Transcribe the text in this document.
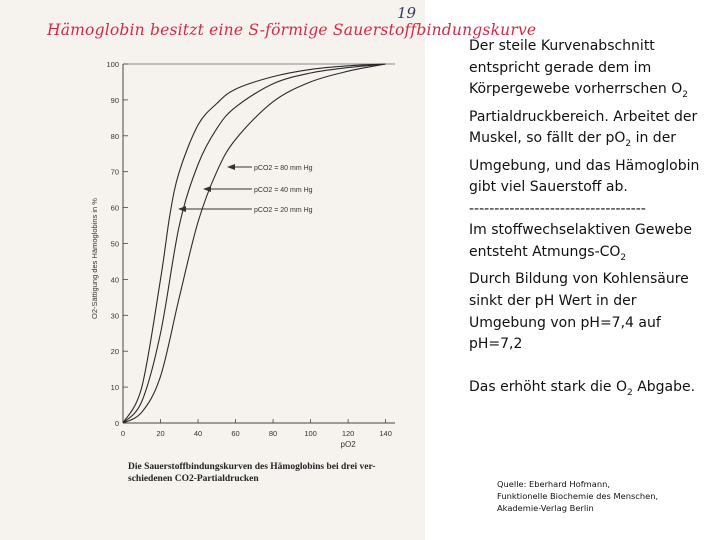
0
10
20
30
40
50
60
70
80
90
100
0	20	40	60	80	100	120	140
pO2
O2-Sättigung des Hämoglobins in %
pCO2 = 80 mm Hg
pCO2 = 40 mm Hg
pCO2 = 20 mm Hg
Hämoglobin besitzt eine S-förmige Sauerstoffbindungskurve
19
Die Sauerstoffbindungskurven des Hämoglobins bei drei ver-
schiedenen CO2-Partialdrucken

Der steile Kurvenabschnitt entspricht gerade dem im Körpergewebe vorherrschen $O_2$ Partialdruckbereich. Arbeitet der Muskel, so fällt der $pO_2$ in der Umgebung, und das Hämoglobin gibt viel Sauerstoff ab.

-----------------------------------

Im stoffwechselaktiven Gewebe entsteht Atmungs-$CO_2$

Durch Bildung von Kohlensäure sinkt der pH Wert in der Umgebung von pH=7,4 auf pH=7,2

Das erhöht stark die $O_2$ Abgabe.

Quelle: Eberhard Hofmann,
Funktionelle Biochemie des Menschen,
Akademie-Verlag Berlin
